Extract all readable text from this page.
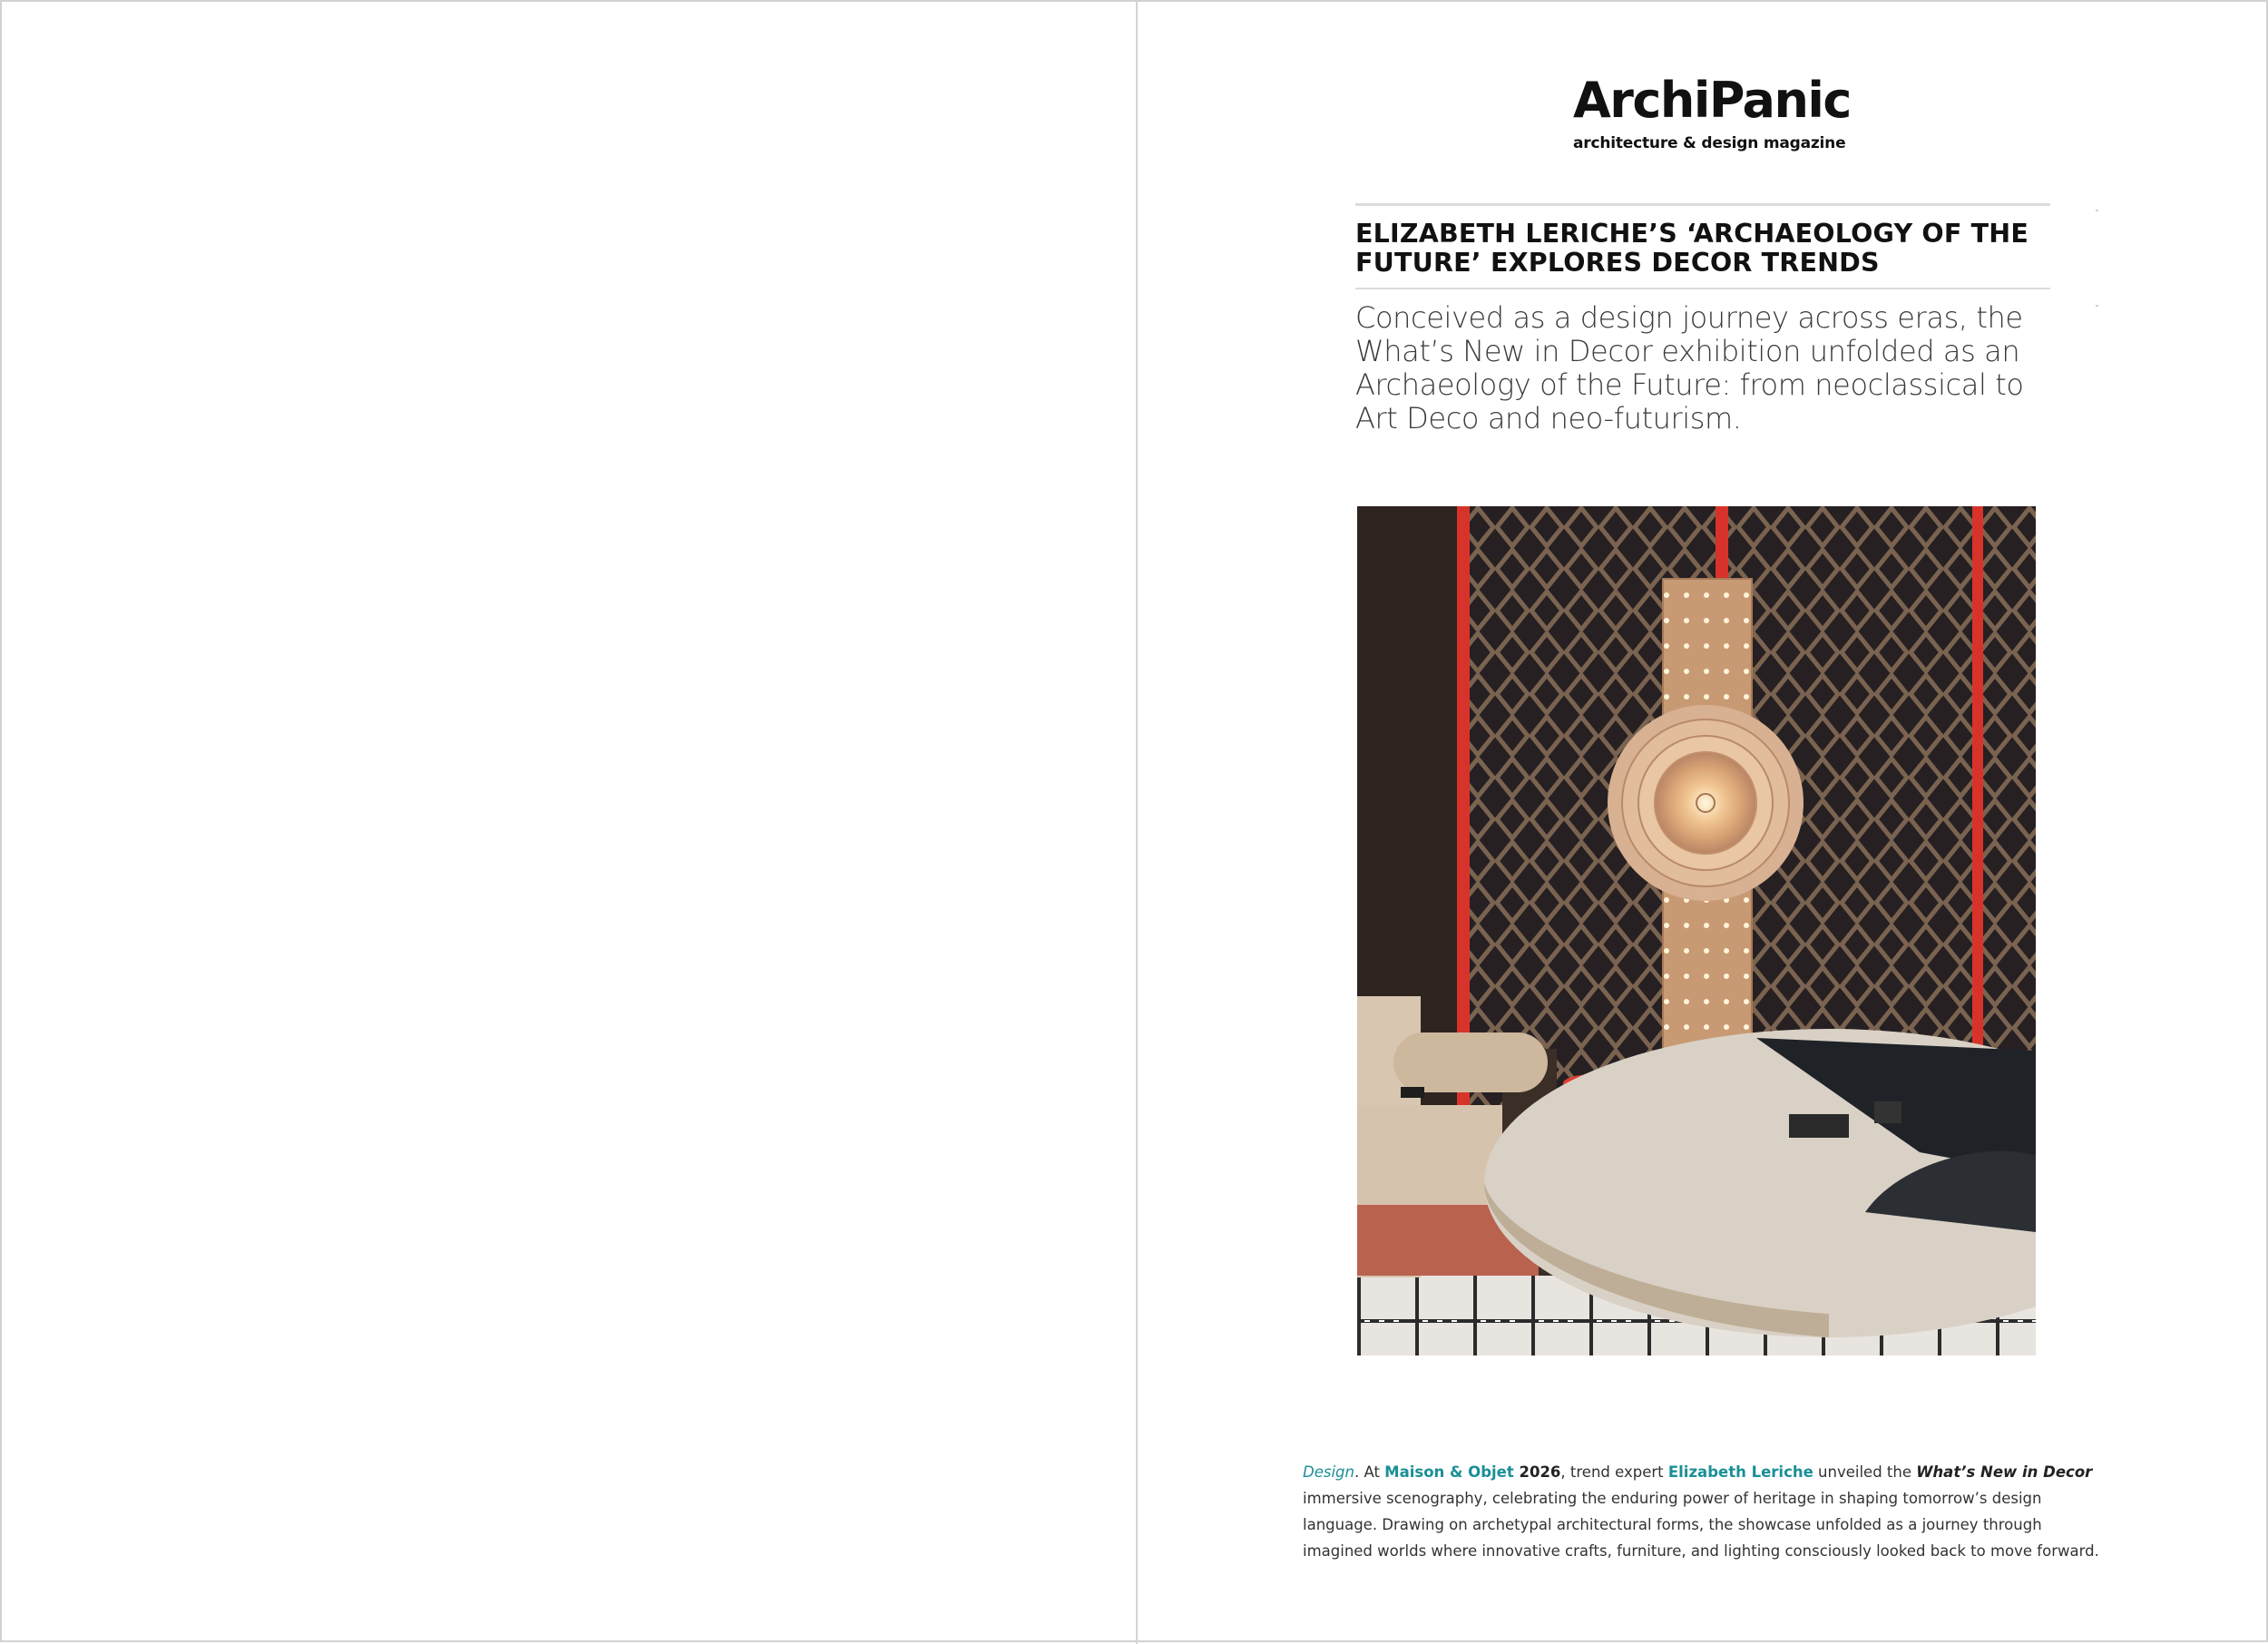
ArchiPanic
architecture & design magazine
ELIZABETH LERICHE’S ‘ARCHAEOLOGY OF THE FUTURE’ EXPLORES DECOR TRENDS

Conceived as a design journey across eras, the What’s New in Decor exhibition unfolded as an Archaeology of the Future: from neoclassical to Art Deco and neo-futurism.

Design. At Maison & Objet 2026, trend expert Elizabeth Leriche unveiled the What’s New in Decor immersive scenography, celebrating the enduring power of heritage in shaping tomorrow’s design language. Drawing on archetypal architectural forms, the showcase unfolded as a journey through imagined worlds where innovative crafts, furniture, and lighting consciously looked back to move forward.
